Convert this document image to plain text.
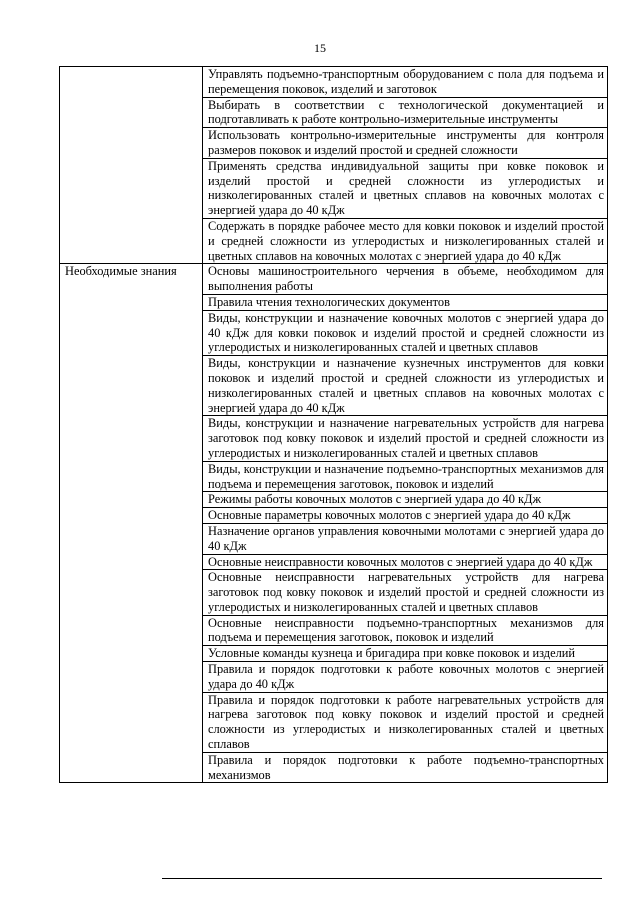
15
	Управлять подъемно-транспортным оборудованием с пола для подъема и перемещения поковок, изделий и заготовок
	Выбирать в соответствии с технологической документацией и подготавливать к работе контрольно-измерительные инструменты
	Использовать контрольно-измерительные инструменты для контроля размеров поковок и изделий простой и средней сложности
	Применять средства индивидуальной защиты при ковке поковок и изделий простой и средней сложности из углеродистых и низколегированных сталей и цветных сплавов на ковочных молотах с энергией удара до 40 кДж
	Содержать в порядке рабочее место для ковки поковок и изделий простой и средней сложности из углеродистых и низколегированных сталей и цветных сплавов на ковочных молотах с энергией удара до 40 кДж
Необходимые знания	Основы машиностроительного черчения в объеме, необходимом для выполнения работы
	Правила чтения технологических документов
	Виды, конструкции и назначение ковочных молотов с энергией удара до 40 кДж для ковки поковок и изделий простой и средней сложности из углеродистых и низколегированных сталей и цветных сплавов
	Виды, конструкции и назначение кузнечных инструментов для ковки поковок и изделий простой и средней сложности из углеродистых и низколегированных сталей и цветных сплавов на ковочных молотах с энергией удара до 40 кДж
	Виды, конструкции и назначение нагревательных устройств для нагрева заготовок под ковку поковок и изделий простой и средней сложности из углеродистых и низколегированных сталей и цветных сплавов
	Виды, конструкции и назначение подъемно-транспортных механизмов для подъема и перемещения заготовок, поковок и изделий
	Режимы работы ковочных молотов с энергией удара до 40 кДж
	Основные параметры ковочных молотов с энергией удара до 40 кДж
	Назначение органов управления ковочными молотами с энергией удара до 40 кДж
	Основные неисправности ковочных молотов с энергией удара до 40 кДж
	Основные неисправности нагревательных устройств для нагрева заготовок под ковку поковок и изделий простой и средней сложности из углеродистых и низколегированных сталей и цветных сплавов
	Основные неисправности подъемно-транспортных механизмов для подъема и перемещения заготовок, поковок и изделий
	Условные команды кузнеца и бригадира при ковке поковок и изделий
	Правила и порядок подготовки к работе ковочных молотов с энергией удара до 40 кДж
	Правила и порядок подготовки к работе нагревательных устройств для нагрева заготовок под ковку поковок и изделий простой и средней сложности из углеродистых и низколегированных сталей и цветных сплавов
	Правила и порядок подготовки к работе подъемно-транспортных механизмов
